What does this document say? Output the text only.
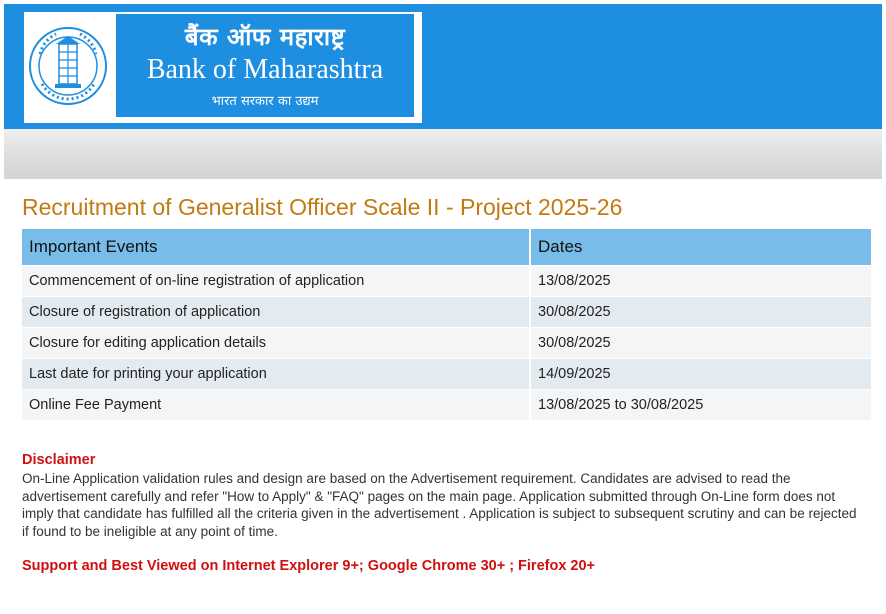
बैंक ऑफ महाराष्ट्र
Bank of Maharashtra
भारत सरकार का उद्यम
Recruitment of Generalist Officer Scale II - Project 2025-26
Important Events	Dates
Commencement of on-line registration of application	13/08/2025
Closure of registration of application	30/08/2025
Closure for editing application details	30/08/2025
Last date for printing your application	14/09/2025
Online Fee Payment	13/08/2025 to 30/08/2025
Disclaimer

On-Line Application validation rules and design are based on the Advertisement requirement. Candidates are advised to read the advertisement carefully and refer "How to Apply" & "FAQ" pages on the main page. Application submitted through On-Line form does not imply that candidate has fulfilled all the criteria given in the advertisement . Application is subject to subsequent scrutiny and can be rejected if found to be ineligible at any point of time.

Support and Best Viewed on Internet Explorer 9+; Google Chrome 30+ ; Firefox 20+
